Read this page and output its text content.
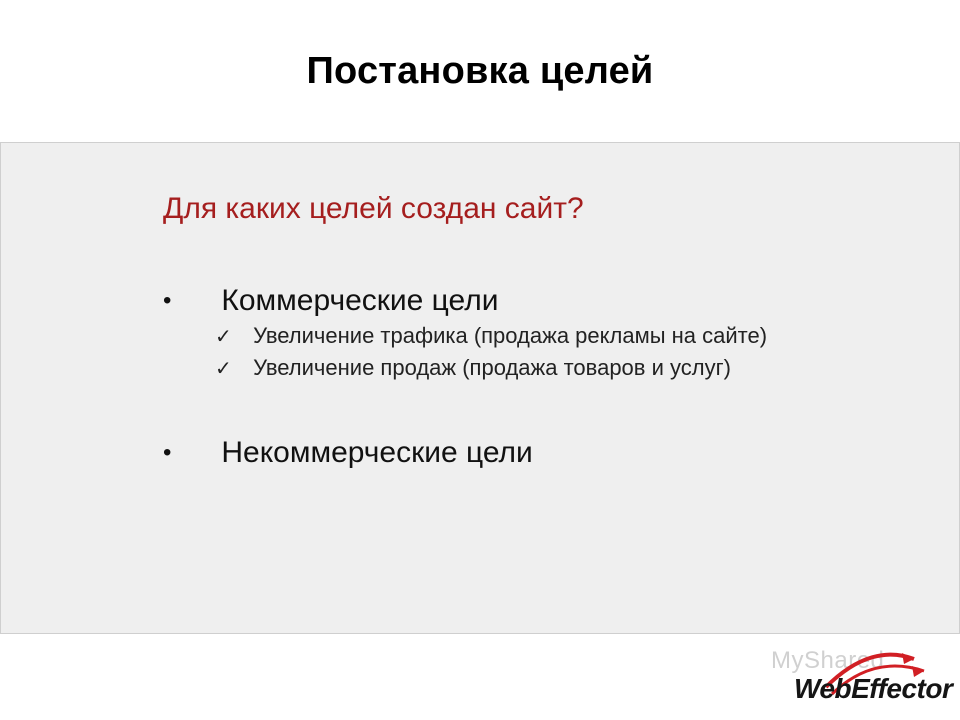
Постановка целей
Для каких целей создан сайт?
• Коммерческие цели
✓ Увеличение трафика (продажа рекламы на сайте)
✓ Увеличение продаж (продажа товаров и услуг)
• Некоммерческие цели
MyShared
WebEffector
